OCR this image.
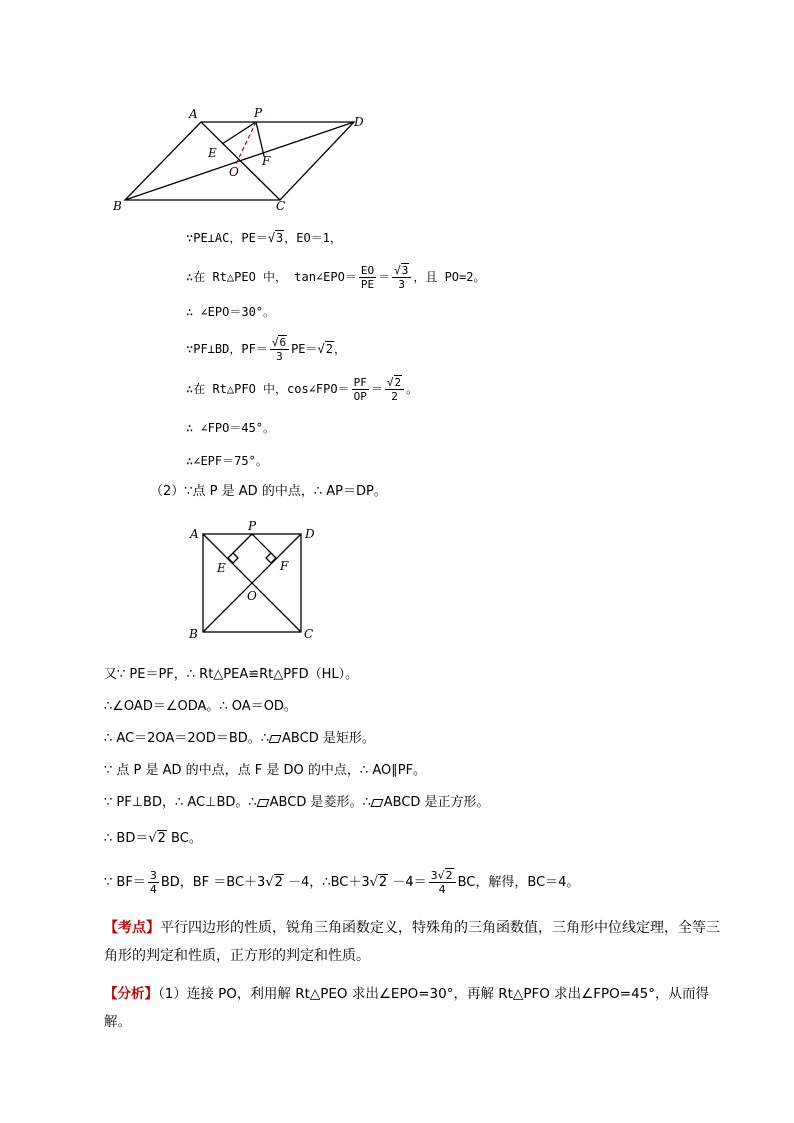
A	P
D
E
F
O
B	C
∵PE⊥AC，PE＝√3，EO＝1，
∴在 Rt△PEO 中， tan∠EPO＝ $\frac{EO}{PE} = \frac{√3}{3}$ ，且 PO=2。
∴ ∠EPO＝30°。
∵PF⊥BD，$PF= \frac{√6}{3} PE=√2$，
∴在 Rt△PFO 中，cos∠FPO＝ $\frac{PF}{OP} = \frac{√2}{2}$ 。
∴ ∠FPO＝45°。
∴∠EPF＝75°。
（2）∵点 P 是 AD 的中点，∴ AP＝DP。
A
P
D
E	F
O
B	C
又∵ PE＝PF，∴ Rt△PEA≌Rt△PFD（HL）。
∴∠OAD＝∠ODA。∴ OA＝OD。
∴ AC＝2OA＝2OD＝BD。∴ ABCD 是矩形。
∵ 点 P 是 AD 的中点，点 F 是 DO 的中点，∴ AO∥PF。
∵ PF⊥BD，∴ AC⊥BD。∴ ABCD 是菱形。∴ ABCD 是正方形。
∴ BD＝√2 BC。
∵ $BF= \frac{3}{4}$ BD，BF ＝BC＋3√2 －4，∴BC＋3√2 $-4= \frac{3√2}{4}$ BC，解得，BC＝4。
【考点】平行四边形的性质，锐角三角函数定义，特殊角的三角函数值，三角形中位线定理，全等三角形的判定和性质，正方形的判定和性质。
【分析】（1）连接 PO，利用解 Rt△PEO 求出∠EPO=30°，再解 Rt△PFO 求出∠FPO=45°，从而得解。
